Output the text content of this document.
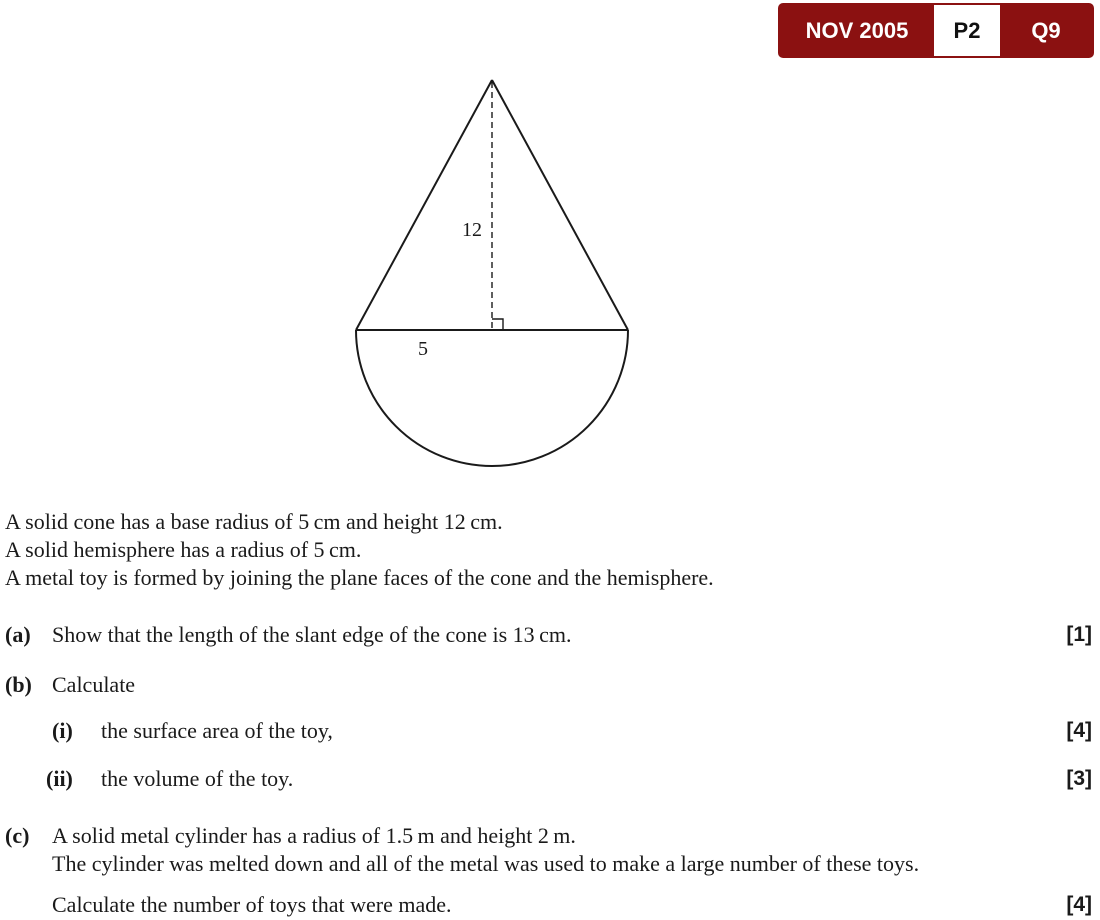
NOV 2005	P2	Q9
12
5
A solid cone has a base radius of 5 cm and height 12 cm.
A solid hemisphere has a radius of 5 cm.
A metal toy is formed by joining the plane faces of the cone and the hemisphere.
(a) Show that the length of the slant edge of the cone is 13 cm.	[1]
(b) Calculate
(i) the surface area of the toy,	[4]
(ii) the volume of the toy.	[3]
(c) A solid metal cylinder has a radius of 1.5 m and height 2 m.
The cylinder was melted down and all of the metal was used to make a large number of these toys.
Calculate the number of toys that were made.	[4]
